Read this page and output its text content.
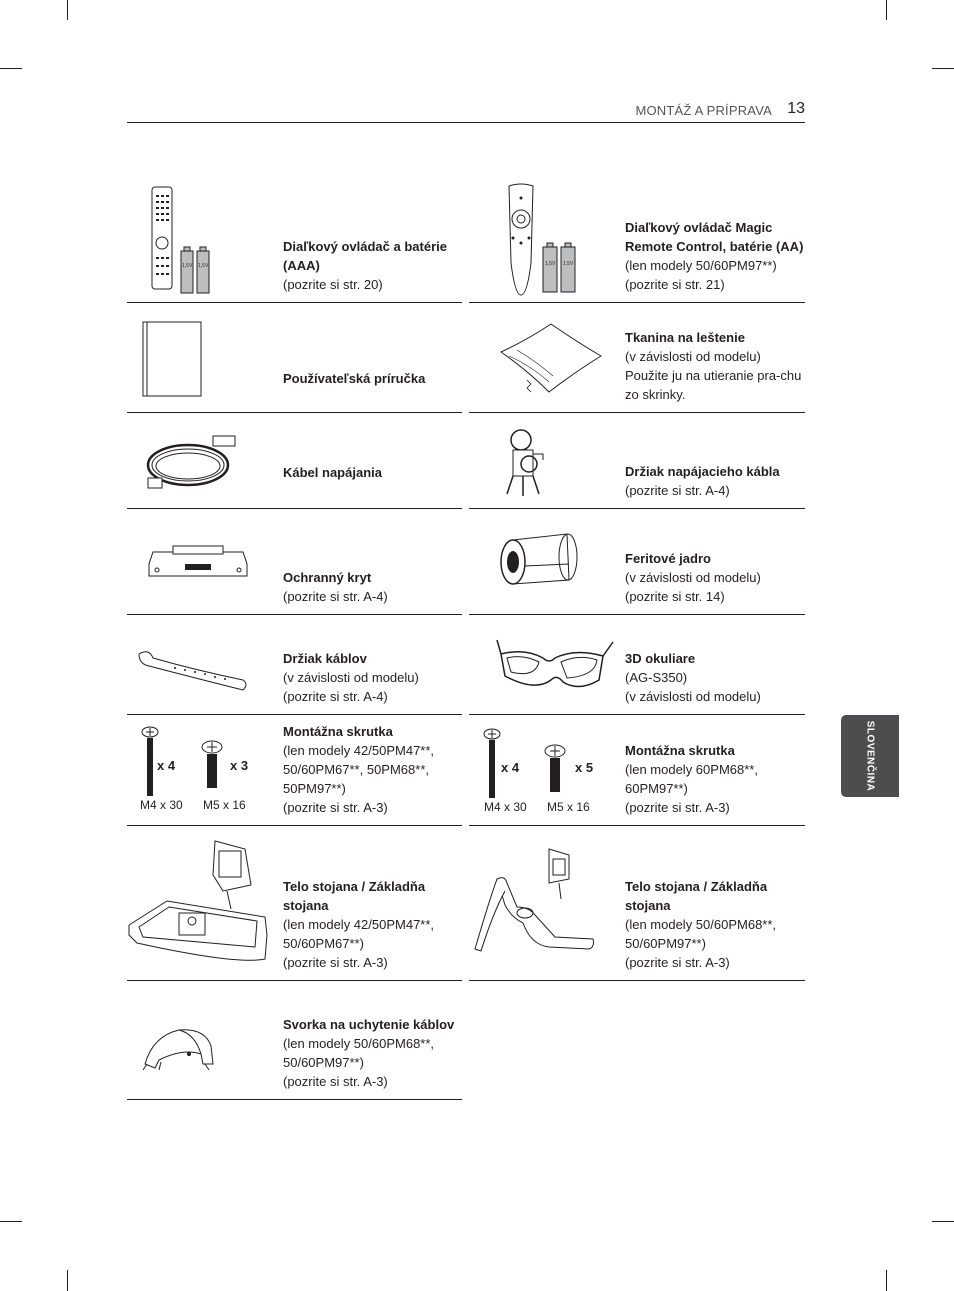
MONTÁŽ A PRÍPRAVA 13
SLOVENČINA
1,5V 1,5V
Diaľkový ovládač a batérie (AAA)
(pozrite si str. 20)
1,5V 1,5V
Diaľkový ovládač Magic Remote Control, batérie (AA)
(len modely 50/60PM97**)
(pozrite si str. 21)
Používateľská príručka
Tkanina na leštenie
(v závislosti od modelu)
Použite ju na utieranie pra-chu zo skrinky.
Kábel napájania	Držiak napájacieho kábla
(pozrite si str. A-4)
Ochranný kryt
(pozrite si str. A-4)
Feritové jadro
(v závislosti od modelu)
(pozrite si str. 14)
Držiak káblov
(v závislosti od modelu)
(pozrite si str. A-4)
3D okuliare
(AG-S350)
(v závislosti od modelu)
x 4	x 3
M4 x 30 M5 x 16
Montážna skrutka
(len modely 42/50PM47**, 50/60PM67**, 50PM68**, 50PM97**)
(pozrite si str. A-3)
x 4	x 5
M4 x 30 M5 x 16
Montážna skrutka
(len modely 60PM68**, 60PM97**)
(pozrite si str. A-3)
Telo stojana / Základňa stojana
(len modely 42/50PM47**, 50/60PM67**)
(pozrite si str. A-3)
Telo stojana / Základňa stojana
(len modely 50/60PM68**, 50/60PM97**)
(pozrite si str. A-3)
Svorka na uchytenie káblov
(len modely 50/60PM68**, 50/60PM97**)
(pozrite si str. A-3)
